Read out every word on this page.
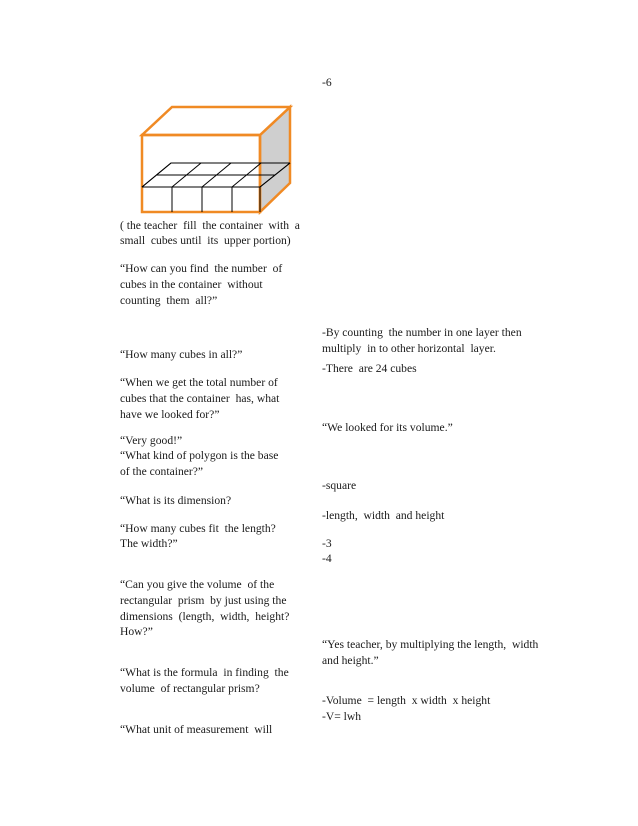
-6
-By counting  the number in one layer then
multiply  in to other horizontal  layer.
-There  are 24 cubes
“We looked for its volume.”
-square
-length,  width  and height
-3
-4
“Yes teacher, by multiplying the length,  width
and height.”
-Volume  = length  x width  x height
-V= lwh
( the teacher  fill  the container  with  a
small  cubes until  its  upper portion)
“How can you find  the number  of
cubes in the container  without
counting  them  all?”
“How many cubes in all?”
“When we get the total number of
cubes that the container  has, what
have we looked for?”
“Very good!”
“What kind of polygon is the base
of the container?”
“What is its dimension?
“How many cubes fit  the length?
The width?”
“Can you give the volume  of the
rectangular  prism  by just using the
dimensions  (length,  width,  height?
How?”
“What is the formula  in finding  the
volume  of rectangular prism?
“What unit of measurement  will
